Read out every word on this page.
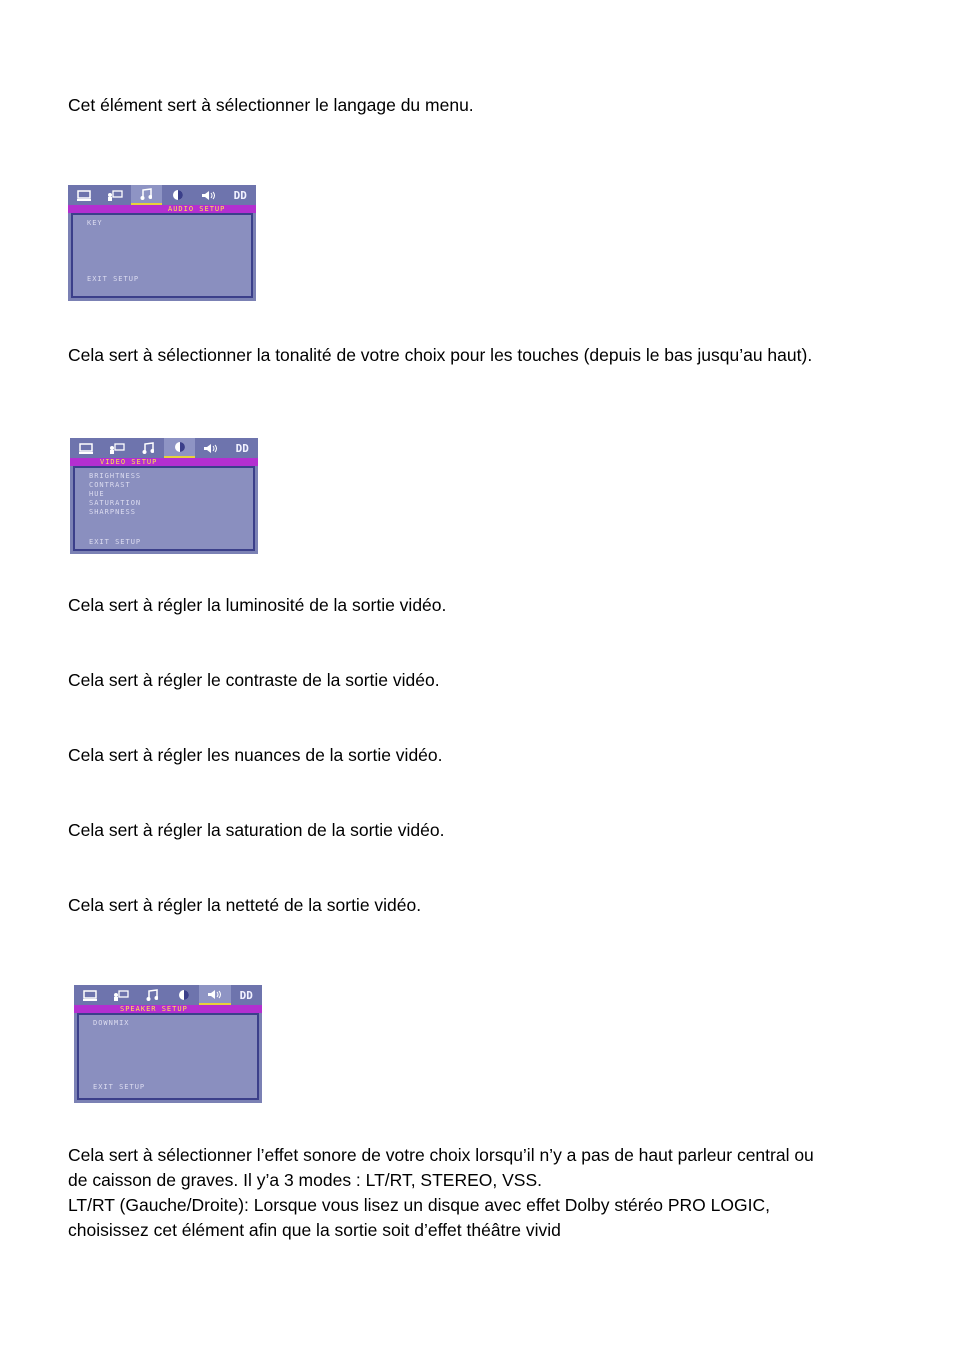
Cet élément sert à sélectionner le langage du menu.

DD
AUDIO SETUP
KEY
EXIT SETUP

Cela sert à sélectionner la tonalité de votre choix pour les touches (depuis le bas jusqu’au haut).

DD
VIDEO SETUP
BRIGHTNESS
CONTRAST
HUE
SATURATION
SHARPNESS
EXIT SETUP

Cela sert à régler la luminosité de la sortie vidéo.

Cela sert à régler le contraste de la sortie vidéo.

Cela sert à régler les nuances de la sortie vidéo.

Cela sert à régler la saturation de la sortie vidéo.

Cela sert à régler la netteté de la sortie vidéo.

DD
SPEAKER SETUP
DOWNMIX
EXIT SETUP

Cela sert à sélectionner l’effet sonore de votre choix lorsqu’il n’y a pas de haut parleur central ou
de caisson de graves. Il y’a 3 modes : LT/RT, STEREO, VSS.
LT/RT (Gauche/Droite): Lorsque vous lisez un disque avec effet Dolby stéréo PRO LOGIC,
choisissez cet élément afin que la sortie soit d’effet théâtre vivid
